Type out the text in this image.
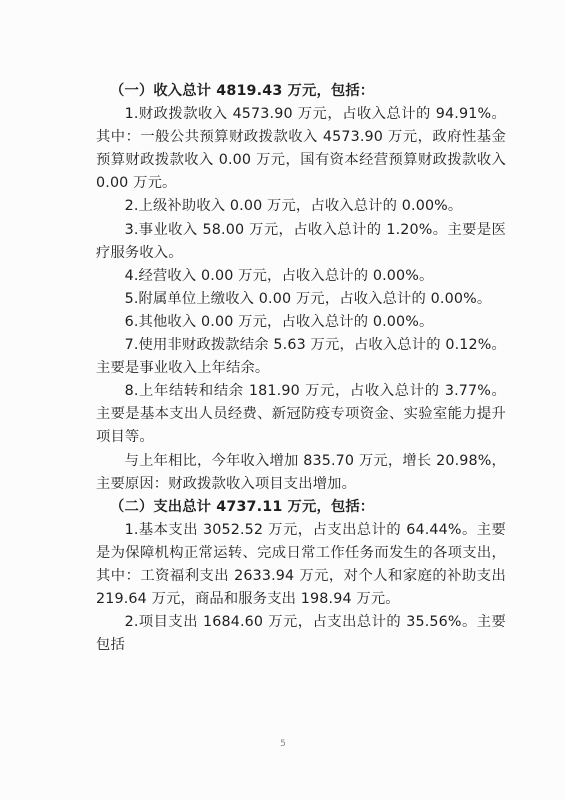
（一）收入总计 4819.43 万元，包括：

1.财政拨款收入 4573.90 万元，占收入总计的 94.91%。其中：一般公共预算财政拨款收入 4573.90 万元，政府性基金预算财政拨款收入 0.00 万元，国有资本经营预算财政拨款收入 0.00 万元。

2.上级补助收入 0.00 万元，占收入总计的 0.00%。

3.事业收入 58.00 万元，占收入总计的 1.20%。主要是医疗服务收入。

4.经营收入 0.00 万元，占收入总计的 0.00%。

5.附属单位上缴收入 0.00 万元，占收入总计的 0.00%。

6.其他收入 0.00 万元，占收入总计的 0.00%。

7.使用非财政拨款结余 5.63 万元，占收入总计的 0.12%。主要是事业收入上年结余。

8.上年结转和结余 181.90 万元，占收入总计的 3.77%。主要是基本支出人员经费、新冠防疫专项资金、实验室能力提升项目等。

与上年相比，今年收入增加 835.70 万元，增长 20.98%，主要原因：财政拨款收入项目支出增加。

（二）支出总计 4737.11 万元，包括：

1.基本支出 3052.52 万元，占支出总计的 64.44%。主要是为保障机构正常运转、完成日常工作任务而发生的各项支出，其中：工资福利支出 2633.94 万元，对个人和家庭的补助支出 219.64 万元，商品和服务支出 198.94 万元。

2.项目支出 1684.60 万元，占支出总计的 35.56%。主要包括

5
